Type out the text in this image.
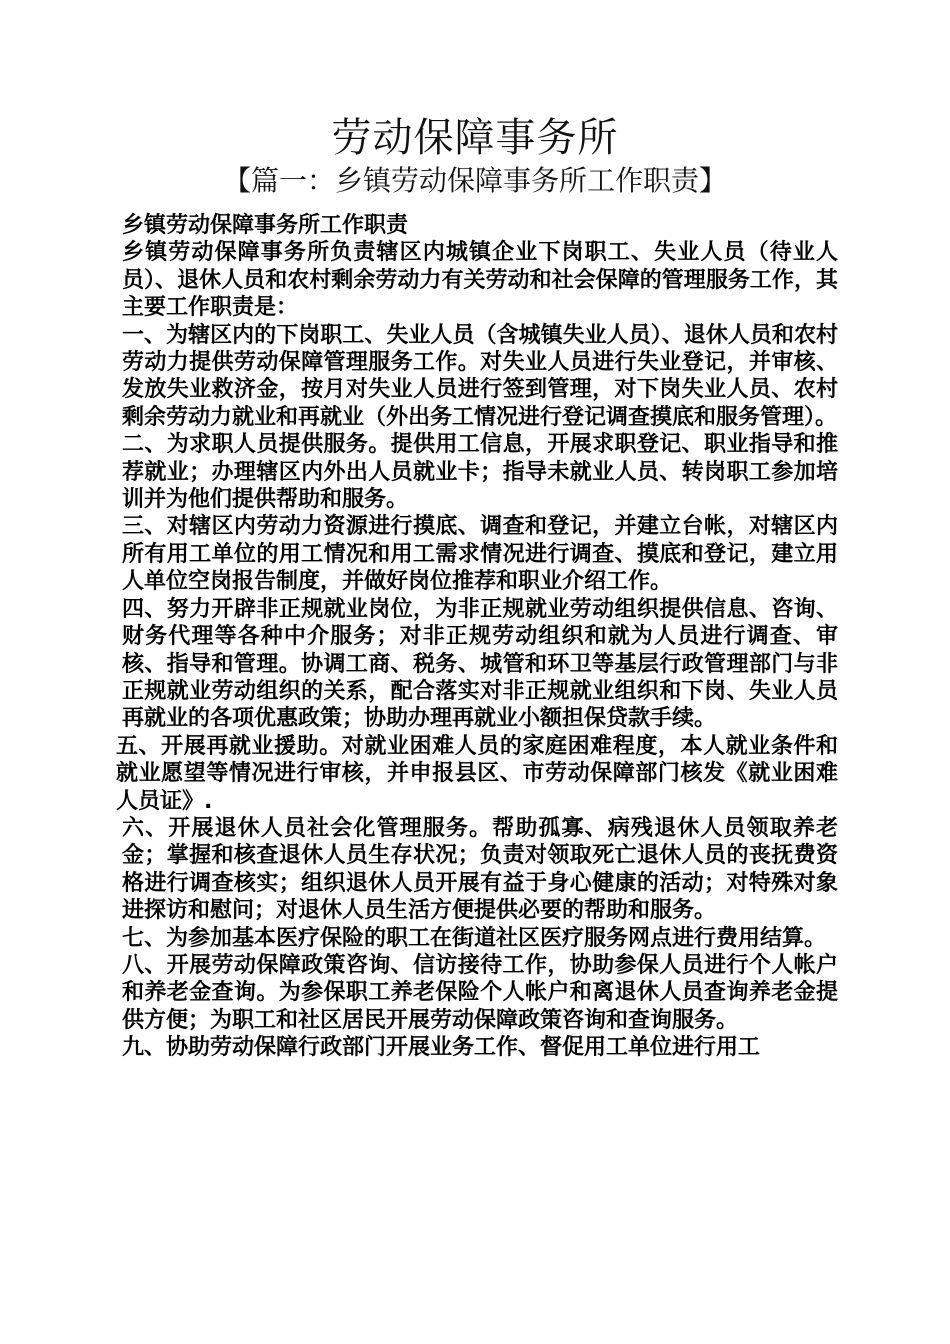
劳动保障事务所
【篇一：乡镇劳动保障事务所工作职责】

乡镇劳动保障事务所工作职责

乡镇劳动保障事务所负责辖区内城镇企业下岗职工、失业人员（待业人员）、退休人员和农村剩余劳动力有关劳动和社会保障的管理服务工作，其主要工作职责是：

一、为辖区内的下岗职工、失业人员（含城镇失业人员）、退休人员和农村劳动力提供劳动保障管理服务工作。对失业人员进行失业登记，并审核、发放失业救济金，按月对失业人员进行签到管理，对下岗失业人员、农村剩余劳动力就业和再就业（外出务工情况进行登记调查摸底和服务管理）。

二、为求职人员提供服务。提供用工信息，开展求职登记、职业指导和推荐就业；办理辖区内外出人员就业卡；指导未就业人员、转岗职工参加培训并为他们提供帮助和服务。

三、对辖区内劳动力资源进行摸底、调查和登记，并建立台帐，对辖区内所有用工单位的用工情况和用工需求情况进行调查、摸底和登记，建立用人单位空岗报告制度，并做好岗位推荐和职业介绍工作。

四、努力开辟非正规就业岗位，为非正规就业劳动组织提供信息、咨询、财务代理等各种中介服务；对非正规劳动组织和就为人员进行调查、审核、指导和管理。协调工商、税务、城管和环卫等基层行政管理部门与非正规就业劳动组织的关系，配合落实对非正规就业组织和下岗、失业人员再就业的各项优惠政策；协助办理再就业小额担保贷款手续。

五、开展再就业援助。对就业困难人员的家庭困难程度，本人就业条件和就业愿望等情况进行审核，并申报县区、市劳动保障部门核发《就业困难人员证》.

六、开展退休人员社会化管理服务。帮助孤寡、病残退休人员领取养老金；掌握和核查退休人员生存状况；负责对领取死亡退休人员的丧抚费资格进行调查核实；组织退休人员开展有益于身心健康的活动；对特殊对象进探访和慰问；对退休人员生活方便提供必要的帮助和服务。

七、为参加基本医疗保险的职工在街道社区医疗服务网点进行费用结算。

八、开展劳动保障政策咨询、信访接待工作，协助参保人员进行个人帐户和养老金查询。为参保职工养老保险个人帐户和离退休人员查询养老金提供方便；为职工和社区居民开展劳动保障政策咨询和查询服务。

九、协助劳动保障行政部门开展业务工作、督促用工单位进行用工
